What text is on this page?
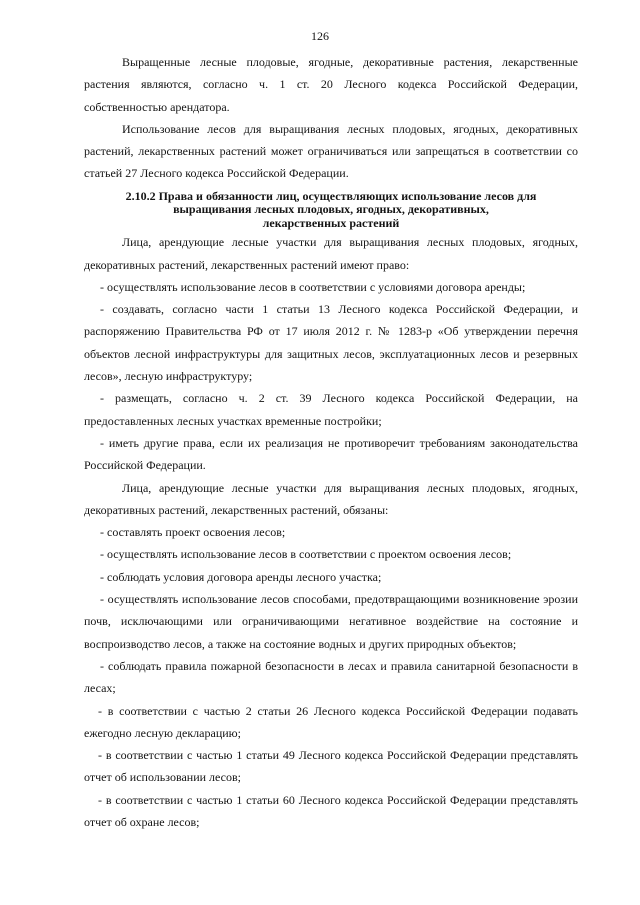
126

Выращенные лесные плодовые, ягодные, декоративные растения, лекарственные растения являются, согласно ч. 1 ст. 20 Лесного кодекса Российской Федерации, собственностью арендатора.

Использование лесов для выращивания лесных плодовых, ягодных, декоративных растений, лекарственных растений может ограничиваться или запрещаться в соответствии со статьей 27 Лесного кодекса Российской Федерации.

2.10.2 Права и обязанности лиц, осуществляющих использование лесов для
выращивания лесных плодовых, ягодных, декоративных,
лекарственных растений

Лица, арендующие лесные участки для выращивания лесных плодовых, ягодных, декоративных растений, лекарственных растений имеют право:

- осуществлять использование лесов в соответствии с условиями договора аренды;

- создавать, согласно части 1 статьи 13 Лесного кодекса Российской Федерации, и распоряжению Правительства РФ от 17 июля 2012 г. № 1283-р «Об утверждении перечня объектов лесной инфраструктуры для защитных лесов, эксплуатационных лесов и резервных лесов», лесную инфраструктуру;

- размещать, согласно ч. 2 ст. 39 Лесного кодекса Российской Федерации, на предоставленных лесных участках временные постройки;

- иметь другие права, если их реализация не противоречит требованиям законодательства Российской Федерации.

Лица, арендующие лесные участки для выращивания лесных плодовых, ягодных, декоративных растений, лекарственных растений, обязаны:

- составлять проект освоения лесов;

- осуществлять использование лесов в соответствии с проектом освоения лесов;

- соблюдать условия договора аренды лесного участка;

- осуществлять использование лесов способами, предотвращающими возникновение эрозии почв, исключающими или ограничивающими негативное воздействие на состояние и воспроизводство лесов, а также на состояние водных и других природных объектов;

- соблюдать правила пожарной безопасности в лесах и правила санитарной безопасности в лесах;

- в соответствии с частью 2 статьи 26 Лесного кодекса Российской Федерации подавать ежегодно лесную декларацию;

- в соответствии с частью 1 статьи 49 Лесного кодекса Российской Федерации представлять отчет об использовании лесов;

- в соответствии с частью 1 статьи 60 Лесного кодекса Российской Федерации представлять отчет об охране лесов;
